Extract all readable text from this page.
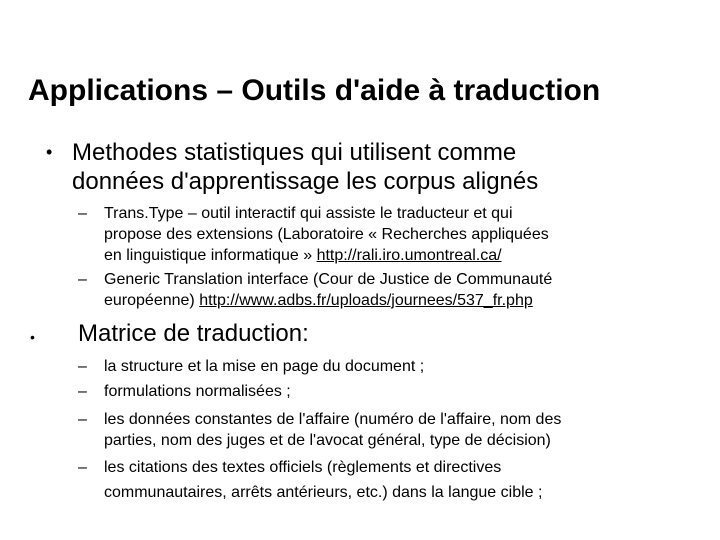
Applications – Outils d'aide à traduction
• Methodes statistiques qui utilisent comme
données d'apprentissage les corpus alignés
– Trans.Type – outil interactif qui assiste le traducteur et qui
propose des extensions (Laboratoire « Recherches appliquées
en linguistique informatique » http://rali.iro.umontreal.ca/
– Generic Translation interface (Cour de Justice de Communauté
européenne) http://www.adbs.fr/uploads/journees/537_fr.php
• Matrice de traduction:
– la structure et la mise en page du document ;
– formulations normalisées ;
– les données constantes de l'affaire (numéro de l'affaire, nom des
parties, nom des juges et de l'avocat général, type de décision)
– les citations des textes officiels (règlements et directives
communautaires, arrêts antérieurs, etc.) dans la langue cible ;
